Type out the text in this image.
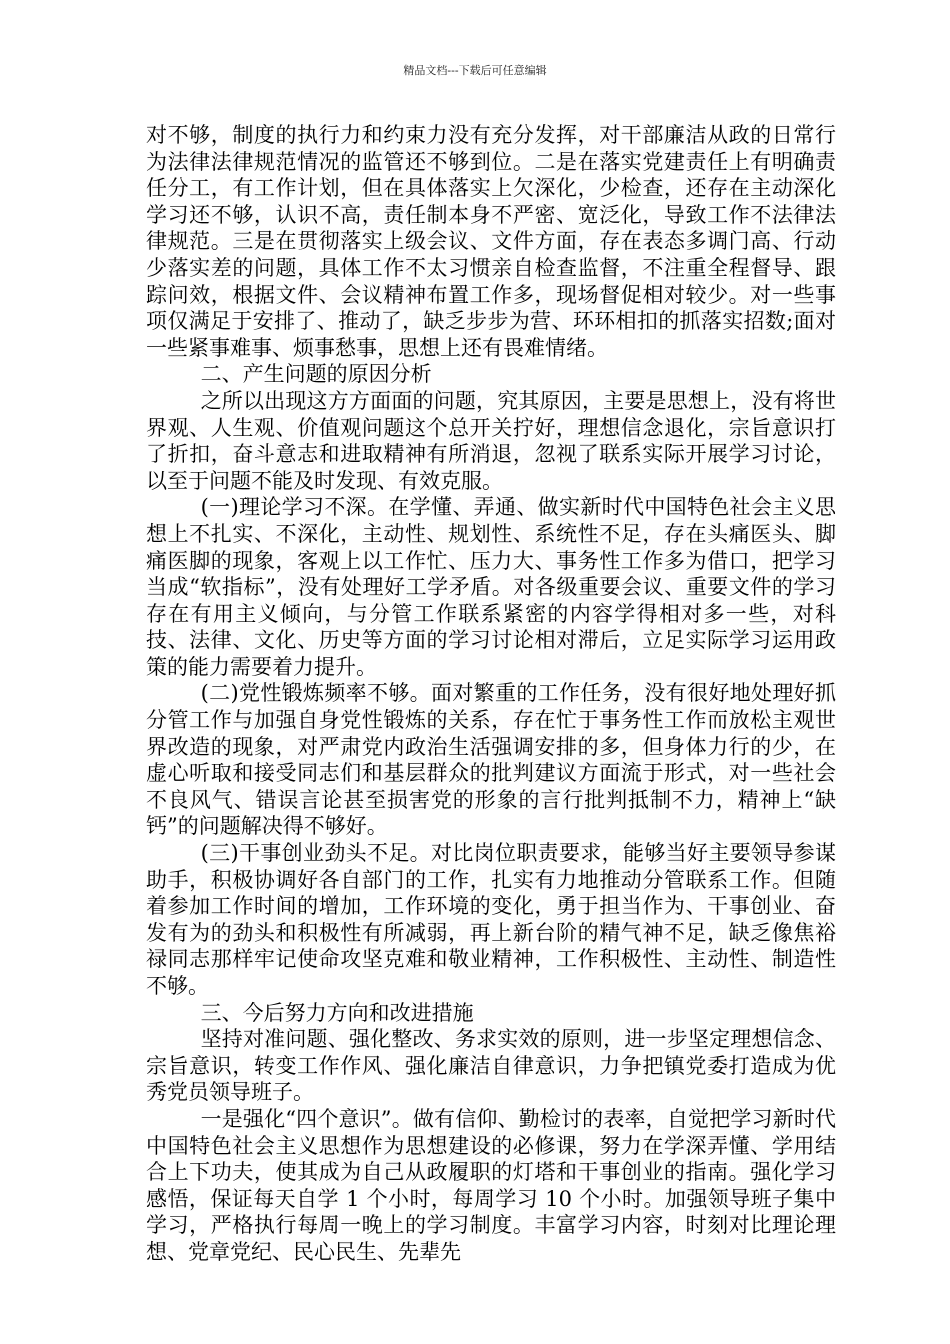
精品文档---下载后可任意编辑

对不够，制度的执行力和约束力没有充分发挥，对干部廉洁从政的日常行为法律法律规范情况的监管还不够到位。二是在落实党建责任上有明确责任分工，有工作计划，但在具体落实上欠深化，少检查，还存在主动深化学习还不够，认识不高，责任制本身不严密、宽泛化，导致工作不法律法律规范。三是在贯彻落实上级会议、文件方面，存在表态多调门高、行动少落实差的问题，具体工作不太习惯亲自检查监督，不注重全程督导、跟踪问效，根据文件、会议精神布置工作多，现场督促相对较少。对一些事项仅满足于安排了、推动了，缺乏步步为营、环环相扣的抓落实招数;面对一些紧事难事、烦事愁事，思想上还有畏难情绪。

二、产生问题的原因分析

之所以出现这方方面面的问题，究其原因，主要是思想上，没有将世界观、人生观、价值观问题这个总开关拧好，理想信念退化，宗旨意识打了折扣，奋斗意志和进取精神有所消退，忽视了联系实际开展学习讨论，以至于问题不能及时发现、有效克服。

(一)理论学习不深。在学懂、弄通、做实新时代中国特色社会主义思想上不扎实、不深化，主动性、规划性、系统性不足，存在头痛医头、脚痛医脚的现象，客观上以工作忙、压力大、事务性工作多为借口，把学习当成“软指标”，没有处理好工学矛盾。对各级重要会议、重要文件的学习存在有用主义倾向，与分管工作联系紧密的内容学得相对多一些，对科技、法律、文化、历史等方面的学习讨论相对滞后，立足实际学习运用政策的能力需要着力提升。

(二)党性锻炼频率不够。面对繁重的工作任务，没有很好地处理好抓分管工作与加强自身党性锻炼的关系，存在忙于事务性工作而放松主观世界改造的现象，对严肃党内政治生活强调安排的多，但身体力行的少，在虚心听取和接受同志们和基层群众的批判建议方面流于形式，对一些社会不良风气、错误言论甚至损害党的形象的言行批判抵制不力，精神上“缺钙”的问题解决得不够好。

(三)干事创业劲头不足。对比岗位职责要求，能够当好主要领导参谋助手，积极协调好各自部门的工作，扎实有力地推动分管联系工作。但随着参加工作时间的增加，工作环境的变化，勇于担当作为、干事创业、奋发有为的劲头和积极性有所减弱，再上新台阶的精气神不足，缺乏像焦裕禄同志那样牢记使命攻坚克难和敬业精神，工作积极性、主动性、制造性不够。

三、今后努力方向和改进措施

坚持对准问题、强化整改、务求实效的原则，进一步坚定理想信念、宗旨意识，转变工作作风、强化廉洁自律意识，力争把镇党委打造成为优秀党员领导班子。

一是强化“四个意识”。做有信仰、勤检讨的表率，自觉把学习新时代中国特色社会主义思想作为思想建设的必修课，努力在学深弄懂、学用结合上下功夫，使其成为自己从政履职的灯塔和干事创业的指南。强化学习感悟，保证每天自学 1 个小时，每周学习 10 个小时。加强领导班子集中学习，严格执行每周一晚上的学习制度。丰富学习内容，时刻对比理论理想、党章党纪、民心民生、先辈先
